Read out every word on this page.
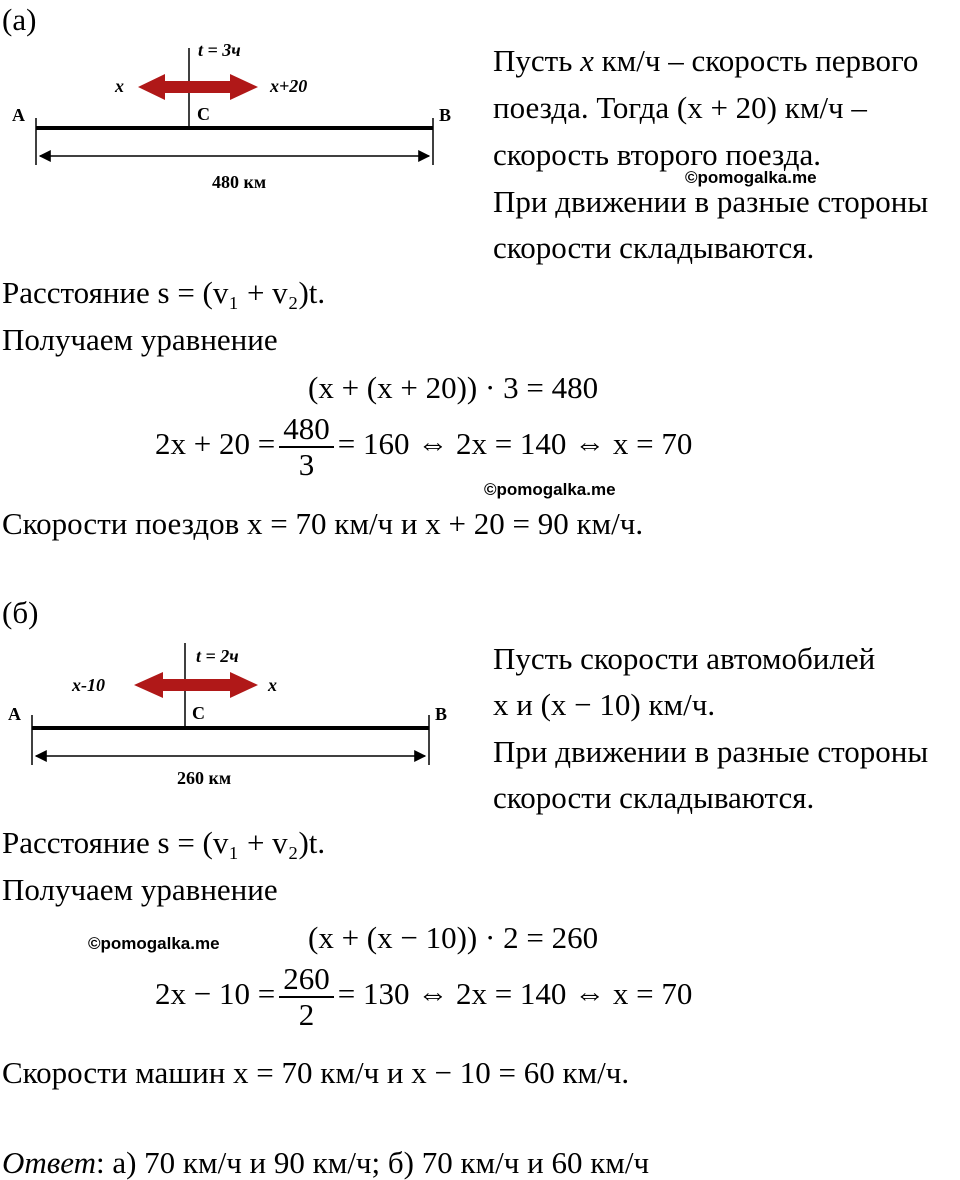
(а)
t = 3ч
x	x+20
A	C	B
480 км
Пусть x км/ч – скорость первого
поезда. Тогда (x + 20) км/ч –
скорость второго поезда.
©pomogalka.me
При движении в разные стороны
скорости складываются.
Расстояние s = (v₁ + v₂)t.
Получаем уравнение
(x + (x + 20)) · 3 = 480
$2x + 20 = \frac{480}{3} = 160$ ⇔ 2x = 140 ⇔ x = 70
©pomogalka.me
Скорости поездов x = 70 км/ч и x + 20 = 90 км/ч.
(б)
t = 2ч
x-10	x
A	C	B
260 км
Пусть скорости автомобилей
x и (x − 10) км/ч.
При движении в разные стороны
скорости складываются.
Расстояние s = (v₁ + v₂)t.
Получаем уравнение
©pomogalka.me	(x + (x − 10)) · 2 = 260
$2x - 10 = \frac{260}{2} = 130$ ⇔ 2x = 140 ⇔ x = 70
Скорости машин x = 70 км/ч и x − 10 = 60 км/ч.
Ответ: а) 70 км/ч и 90 км/ч; б) 70 км/ч и 60 км/ч
